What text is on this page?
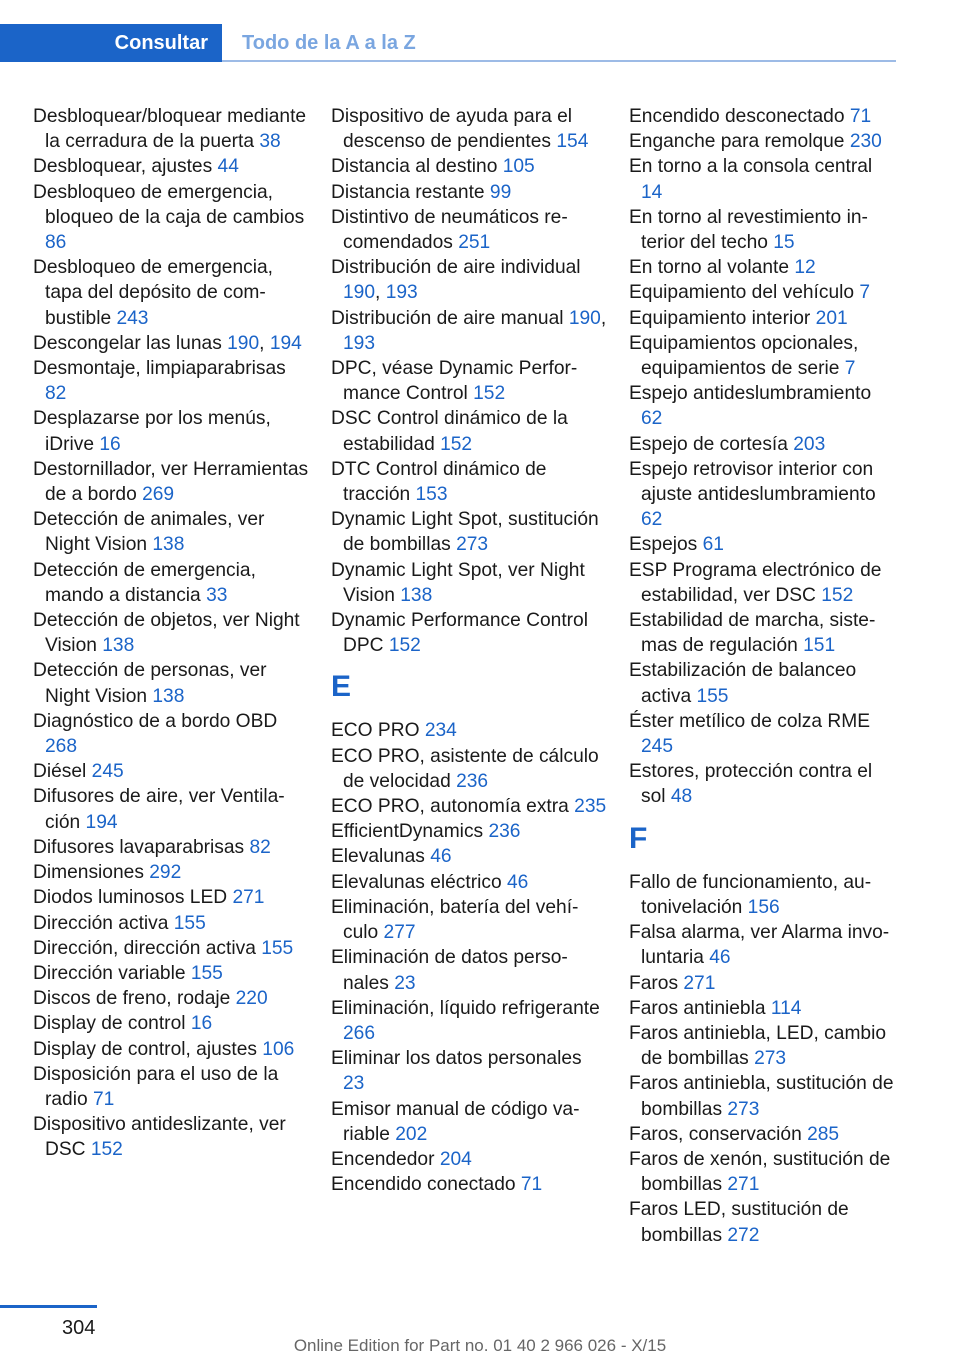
Consultar	Todo de la A a la Z
Desbloquear/bloquear mediante la cerradura de la puerta 38
Desbloquear, ajustes 44
Desbloqueo de emergencia, bloqueo de la caja de cambios 86
Desbloqueo de emergencia, tapa del depósito de combustible 243
Descongelar las lunas 190, 194
Desmontaje, limpiaparabrisas 82
Desplazarse por los menús, iDrive 16
Destornillador, ver Herramientas de a bordo 269
Detección de animales, ver Night Vision 138
Detección de emergencia, mando a distancia 33
Detección de objetos, ver Night Vision 138
Detección de personas, ver Night Vision 138
Diagnóstico de a bordo OBD 268
Diésel 245
Difusores de aire, ver Ventilación 194
Difusores lavaparabrisas 82
Dimensiones 292
Diodos luminosos LED 271
Dirección activa 155
Dirección, dirección activa 155
Dirección variable 155
Discos de freno, rodaje 220
Display de control 16
Display de control, ajustes 106
Disposición para el uso de la radio 71
Dispositivo antideslizante, ver DSC 152
Dispositivo de ayuda para el descenso de pendientes 154
Distancia al destino 105
Distancia restante 99
Distintivo de neumáticos recomendados 251
Distribución de aire individual 190, 193
Distribución de aire manual 190, 193
DPC, véase Dynamic Performance Control 152
DSC Control dinámico de la estabilidad 152
DTC Control dinámico de tracción 153
Dynamic Light Spot, sustitución de bombillas 273
Dynamic Light Spot, ver Night Vision 138
Dynamic Performance Control DPC 152
E
ECO PRO 234
ECO PRO, asistente de cálculo de velocidad 236
ECO PRO, autonomía extra 235
EfficientDynamics 236
Elevalunas 46
Elevalunas eléctrico 46
Eliminación, batería del vehículo 277
Eliminación de datos personales 23
Eliminación, líquido refrigerante 266
Eliminar los datos personales 23
Emisor manual de código variable 202
Encendedor 204
Encendido conectado 71
Encendido desconectado 71
Enganche para remolque 230
En torno a la consola central 14
En torno al revestimiento interior del techo 15
En torno al volante 12
Equipamiento del vehículo 7
Equipamiento interior 201
Equipamientos opcionales, equipamientos de serie 7
Espejo antideslumbramiento 62
Espejo de cortesía 203
Espejo retrovisor interior con ajuste antideslumbramiento 62
Espejos 61
ESP Programa electrónico de estabilidad, ver DSC 152
Estabilidad de marcha, sistemas de regulación 151
Estabilización de balanceo activa 155
Éster metílico de colza RME 245
Estores, protección contra el sol 48
F
Fallo de funcionamiento, autonivelación 156
Falsa alarma, ver Alarma involuntaria 46
Faros 271
Faros antiniebla 114
Faros antiniebla, LED, cambio de bombillas 273
Faros antiniebla, sustitución de bombillas 273
Faros, conservación 285
Faros de xenón, sustitución de bombillas 271
Faros LED, sustitución de bombillas 272
304
Online Edition for Part no. 01 40 2 966 026 - X/15
